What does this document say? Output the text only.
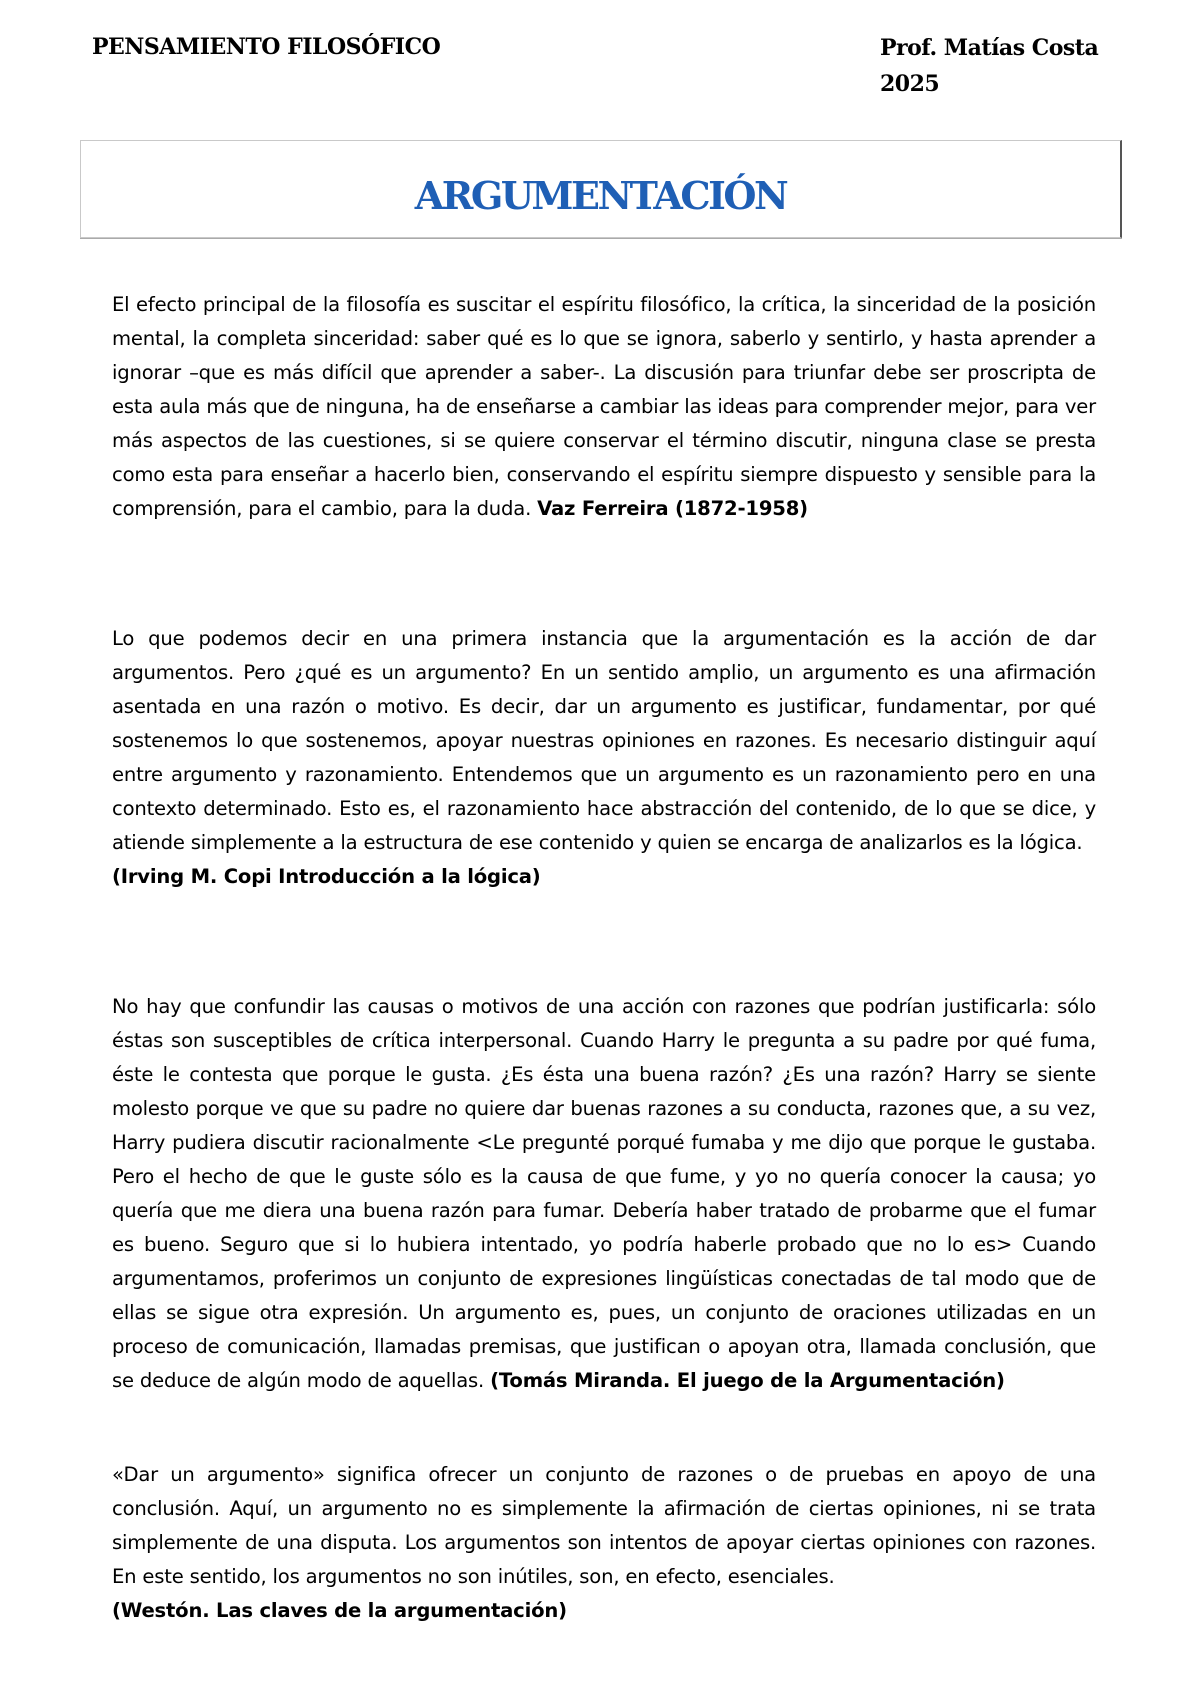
PENSAMIENTO FILOSÓFICO	Prof. Matías Costa
2025
ARGUMENTACIÓN
El efecto principal de la filosofía es suscitar el espíritu filosófico, la crítica, la sinceridad de la posición mental, la completa sinceridad: saber qué es lo que se ignora, saberlo y sentirlo, y hasta aprender a ignorar –que es más difícil que aprender a saber-. La discusión para triunfar debe ser proscripta de esta aula más que de ninguna, ha de enseñarse a cambiar las ideas para comprender mejor, para ver más aspectos de las cuestiones, si se quiere conservar el término discutir, ninguna clase se presta como esta para enseñar a hacerlo bien, conservando el espíritu siempre dispuesto y sensible para la comprensión, para el cambio, para la duda. Vaz Ferreira (1872-1958)
Lo que podemos decir en una primera instancia que la argumentación es la acción de dar argumentos. Pero ¿qué es un argumento? En un sentido amplio, un argumento es una afirmación asentada en una razón o motivo. Es decir, dar un argumento es justificar, fundamentar, por qué sostenemos lo que sostenemos, apoyar nuestras opiniones en razones. Es necesario distinguir aquí entre argumento y razonamiento. Entendemos que un argumento es un razonamiento pero en una contexto determinado. Esto es, el razonamiento hace abstracción del contenido, de lo que se dice, y atiende simplemente a la estructura de ese contenido y quien se encarga de analizarlos es la lógica.
(Irving M. Copi Introducción a la lógica)
No hay que confundir las causas o motivos de una acción con razones que podrían justificarla: sólo éstas son susceptibles de crítica interpersonal. Cuando Harry le pregunta a su padre por qué fuma, éste le contesta que porque le gusta. ¿Es ésta una buena razón? ¿Es una razón? Harry se siente molesto porque ve que su padre no quiere dar buenas razones a su conducta, razones que, a su vez, Harry pudiera discutir racionalmente <Le pregunté porqué fumaba y me dijo que porque le gustaba. Pero el hecho de que le guste sólo es la causa de que fume, y yo no quería conocer la causa; yo quería que me diera una buena razón para fumar. Debería haber tratado de probarme que el fumar es bueno. Seguro que si lo hubiera intentado, yo podría haberle probado que no lo es> Cuando argumentamos, proferimos un conjunto de expresiones lingüísticas conectadas de tal modo que de ellas se sigue otra expresión. Un argumento es, pues, un conjunto de oraciones utilizadas en un proceso de comunicación, llamadas premisas, que justifican o apoyan otra, llamada conclusión, que se deduce de algún modo de aquellas. (Tomás Miranda. El juego de la Argumentación)
«Dar un argumento» significa ofrecer un conjunto de razones o de pruebas en apoyo de una conclusión. Aquí, un argumento no es simplemente la afirmación de ciertas opiniones, ni se trata simplemente de una disputa. Los argumentos son intentos de apoyar ciertas opiniones con razones. En este sentido, los argumentos no son inútiles, son, en efecto, esenciales.
(Westón. Las claves de la argumentación)
